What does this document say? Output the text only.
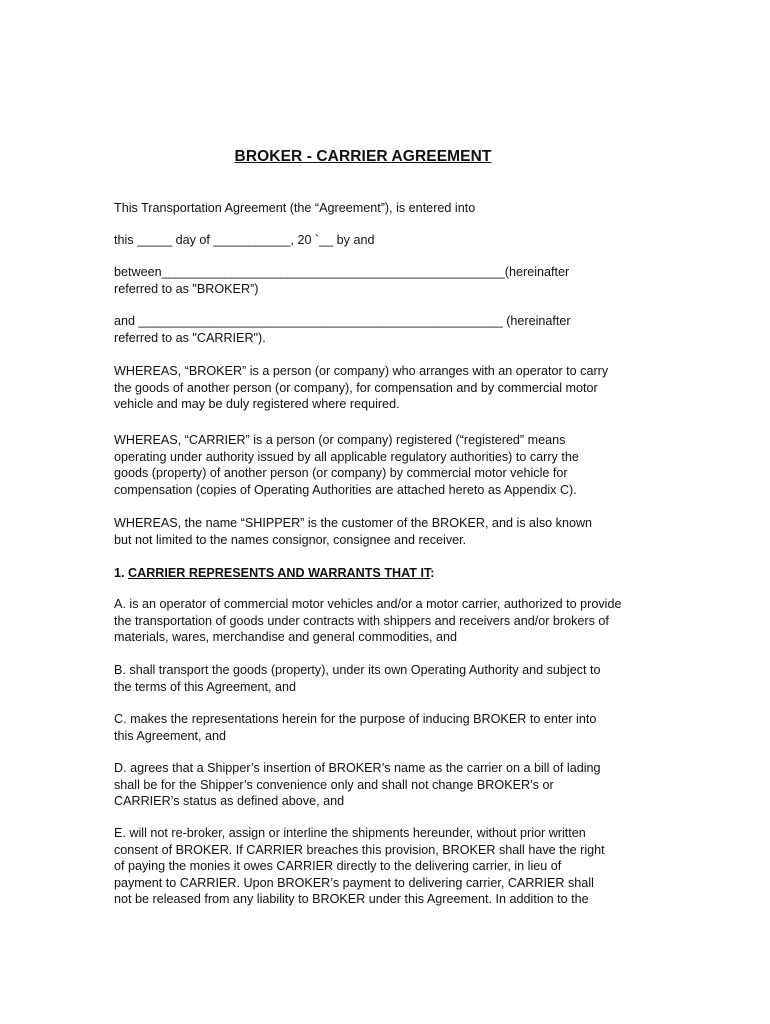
BROKER - CARRIER AGREEMENT
This Transportation Agreement (the “Agreement”), is entered into
this _____ day of ___________, 20 `__ by and
between_________________________________________________(hereinafter
referred to as "BROKER”)
and ____________________________________________________ (hereinafter
referred to as "CARRIER").
WHEREAS, “BROKER” is a person (or company) who arranges with an operator to carry
the goods of another person (or company), for compensation and by commercial motor
vehicle and may be duly registered where required.
WHEREAS, “CARRIER” is a person (or company) registered (“registered” means
operating under authority issued by all applicable regulatory authorities) to carry the
goods (property) of another person (or company) by commercial motor vehicle for
compensation (copies of Operating Authorities are attached hereto as Appendix C).
WHEREAS, the name “SHIPPER” is the customer of the BROKER, and is also known
but not limited to the names consignor, consignee and receiver.
1. CARRIER REPRESENTS AND WARRANTS THAT IT:
A. is an operator of commercial motor vehicles and/or a motor carrier, authorized to provide
the transportation of goods under contracts with shippers and receivers and/or brokers of
materials, wares, merchandise and general commodities, and
B. shall transport the goods (property), under its own Operating Authority and subject to
the terms of this Agreement, and
C. makes the representations herein for the purpose of inducing BROKER to enter into
this Agreement, and
D. agrees that a Shipper’s insertion of BROKER’s name as the carrier on a bill of lading
shall be for the Shipper’s convenience only and shall not change BROKER’s or
CARRIER’s status as defined above, and
E. will not re-broker, assign or interline the shipments hereunder, without prior written
consent of BROKER. If CARRIER breaches this provision, BROKER shall have the right
of paying the monies it owes CARRIER directly to the delivering carrier, in lieu of
payment to CARRIER. Upon BROKER’s payment to delivering carrier, CARRIER shall
not be released from any liability to BROKER under this Agreement. In addition to the
